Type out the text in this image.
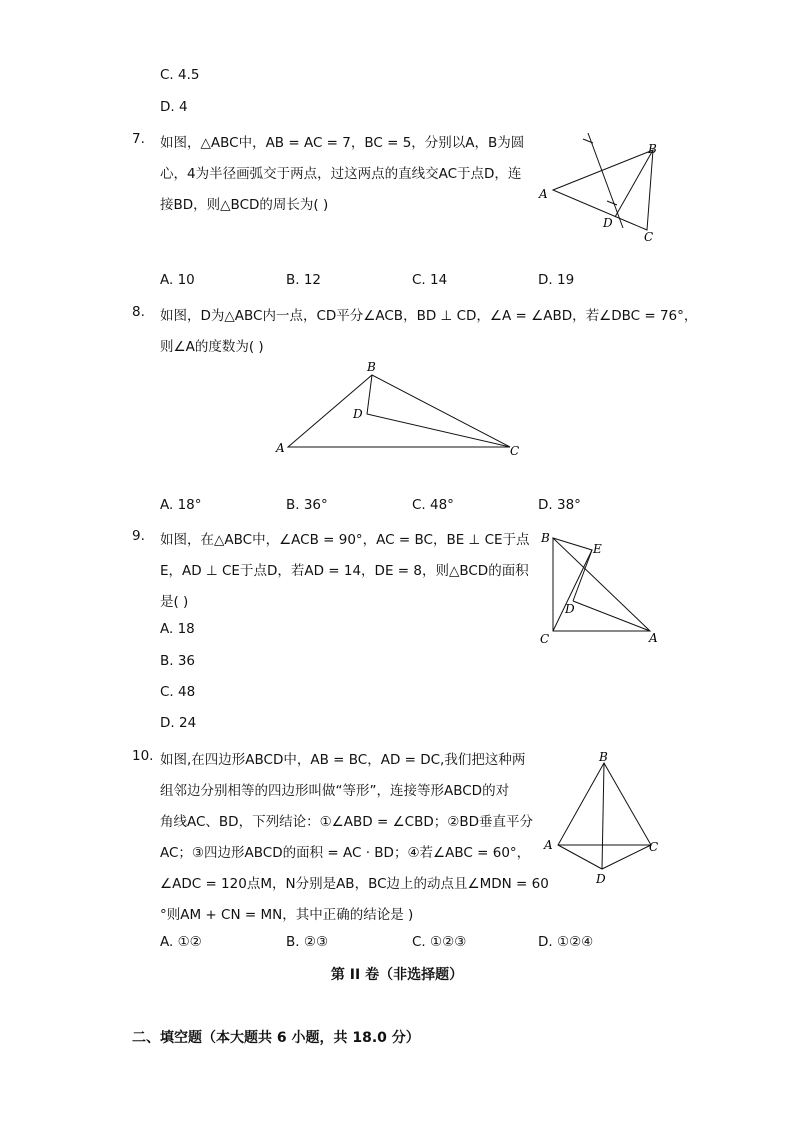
C. 4.5
D. 4
7. 如图，△ABC中，AB = AC = 7，BC = 5，分别以A，B为圆
心，4为半径画弧交于两点，过这两点的直线交AC于点D，连
接BD，则△BCD的周长为( )
A
B
C
D
A. 10	B. 12	C. 14	D. 19
8. 如图，D为△ABC内一点，CD平分∠ACB，BD ⊥ CD，∠A = ∠ABD，若∠DBC = 76°，
则∠A的度数为( )
A
B
C
D
A. 18°	B. 36°	C. 48°	D. 38°
9. 如图，在△ABC中，∠ACB = 90°，AC = BC，BE ⊥ CE于点
E，AD ⊥ CE于点D，若AD = 14，DE = 8，则△BCD的面积
是( )
A. 18
B. 36
C. 48
D. 24
B
E
D
C	A
10. 如图,在四边形ABCD中，AB = BC，AD = DC,我们把这种两
组邻边分别相等的四边形叫做“等形”，连接等形ABCD的对
角线AC、BD，下列结论：①∠ABD = ∠CBD；②BD垂直平分
AC；③四边形ABCD的面积 = AC · BD；④若∠ABC = 60°，
∠ADC = 120点M，N分别是AB，BC边上的动点且∠MDN = 60
°则AM + CN = MN，其中正确的结论是 )
B
A	C
D
A. ①②	B. ②③	C. ①②③	D. ①②④
第 II 卷（非选择题）
二、填空题（本大题共 6 小题，共 18.0 分）
